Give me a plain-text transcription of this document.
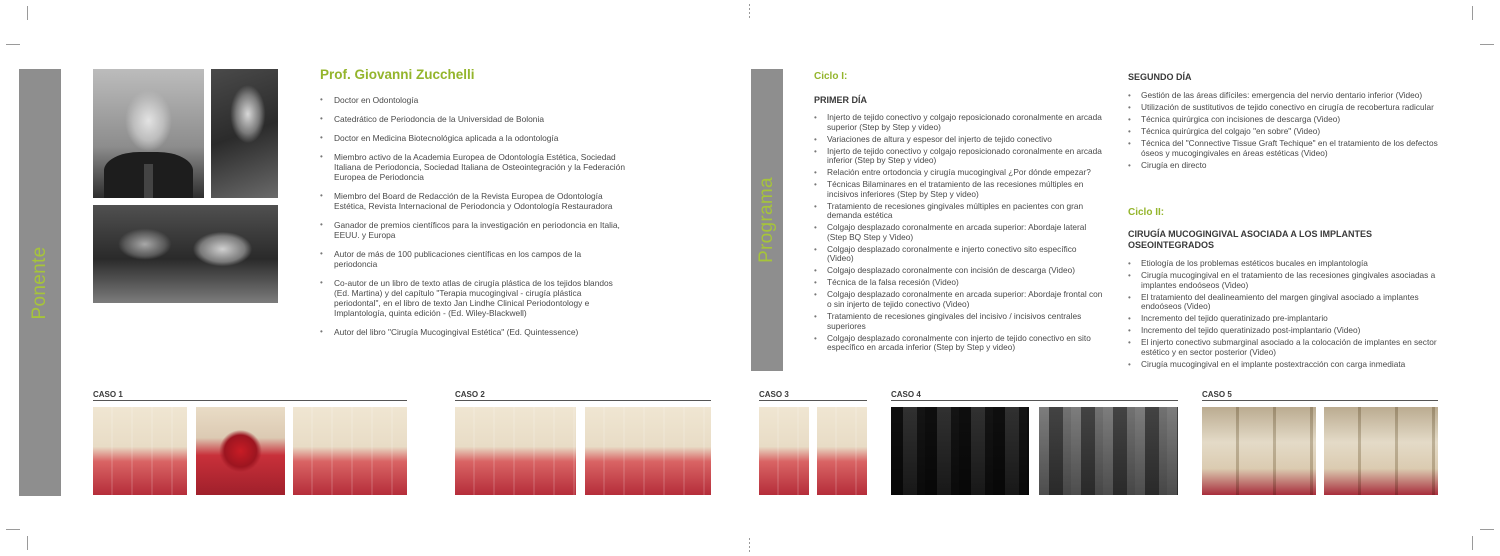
Ponente
Prof. Giovanni Zucchelli
• Doctor en Odontología
• Catedrático de Periodoncia de la Universidad de Bolonia
• Doctor en Medicina Biotecnológica aplicada a la odontología
• Miembro activo de la Academia Europea de Odontología Estética, Sociedad Italiana de Periodoncia, Sociedad Italiana de Osteointegración y la Federación Europea de Periodoncia
• Miembro del Board de Redacción de la Revista Europea de Odontología Estética, Revista Internacional de Periodoncia y Odontología Restauradora
• Ganador de premios científicos para la investigación en periodoncia en Italia, EEUU. y Europa
• Autor de más de 100 publicaciones científicas en los campos de la periodoncia
• Co-autor de un libro de texto atlas de cirugía plástica de los tejidos blandos (Ed. Martina) y del capítulo "Terapia mucogingival - cirugía plástica periodontal", en el libro de texto Jan Lindhe Clinical Periodontology e Implantología, quinta edición - (Ed. Wiley-Blackwell)
• Autor del libro "Cirugía Mucogingival Estética" (Ed. Quintessence)
CASO 1	CASO 2
Programa
Ciclo I:
PRIMER DÍA
• Injerto de tejido conectivo y colgajo reposicionado coronalmente en arcada superior (Step by Step y video)
• Variaciones de altura y espesor del injerto de tejido conectivo
• Injerto de tejido conectivo y colgajo reposicionado coronalmente en arcada inferior (Step by Step y video)
• Relación entre ortodoncia y cirugía mucogingival ¿Por dónde empezar?
• Técnicas Bilaminares en el tratamiento de las recesiones múltiples en incisivos inferiores (Step by Step y video)
• Tratamiento de recesiones gingivales múltiples en pacientes con gran demanda estética
• Colgajo desplazado coronalmente en arcada superior: Abordaje lateral (Step BQ Step y Video)
• Colgajo desplazado coronalmente e injerto conectivo sito específico (Video)
• Colgajo desplazado coronalmente con incisión de descarga (Video)
• Técnica de la falsa recesión (Video)
• Colgajo desplazado coronalmente en arcada superior: Abordaje frontal con o sin injerto de tejido conectivo (Video)
• Tratamiento de recesiones gingivales del incisivo / incisivos centrales superiores
• Colgajo desplazado coronalmente con injerto de tejido conectivo en sito específico en arcada inferior (Step by Step y video)
SEGUNDO DÍA
• Gestión de las áreas difíciles: emergencia del nervio dentario inferior (Video)
• Utilización de sustitutivos de tejido conectivo en cirugía de recobertura radicular
• Técnica quirúrgica con incisiones de descarga (Video)
• Técnica quirúrgica del colgajo "en sobre" (Video)
• Técnica del "Connective Tissue Graft Techique" en el tratamiento de los defectos óseos y mucogingivales en áreas estéticas (Video)
• Cirugía en directo
Ciclo II:
CIRUGÍA MUCOGINGIVAL ASOCIADA A LOS IMPLANTES OSEOINTEGRADOS
• Etiología de los problemas estéticos bucales en implantología
• Cirugía mucogingival en el tratamiento de las recesiones gingivales asociadas a implantes endoóseos (Video)
• El tratamiento del dealineamiento del margen gingival asociado a implantes endoóseos (Video)
• Incremento del tejido queratinizado pre-implantario
• Incremento del tejido queratinizado post-implantario (Video)
• El injerto conectivo submarginal asociado a la colocación de implantes en sector estético y en sector posterior (Video)
• Cirugía mucogingival en el implante postextracción con carga inmediata
CASO 3	CASO 4	CASO 5
